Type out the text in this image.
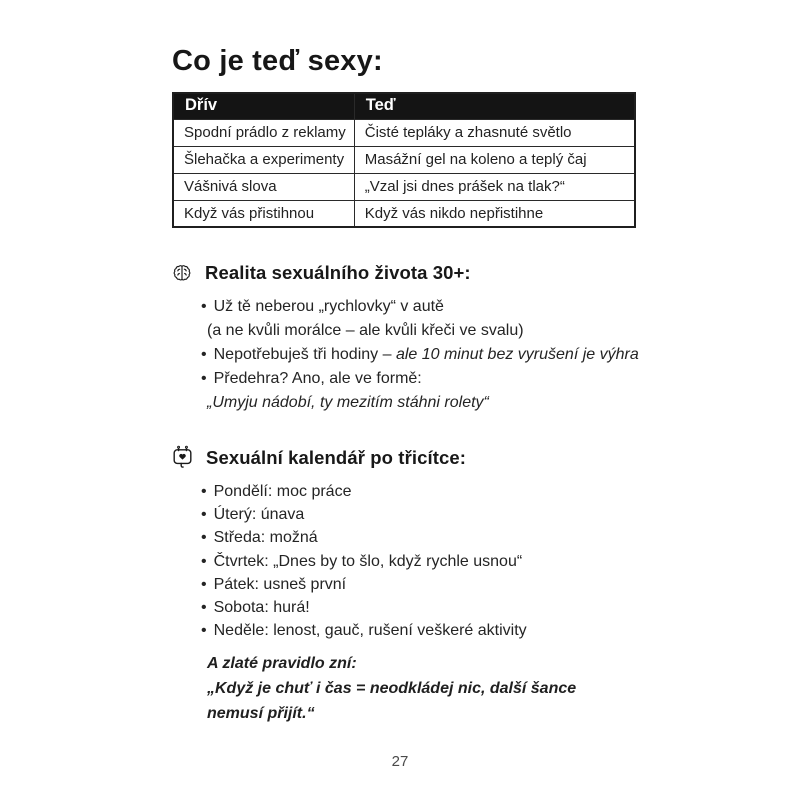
Co je teď sexy:
Dřív	Teď
Spodní prádlo z reklamy	Čisté tepláky a zhasnuté světlo
Šlehačka a experimenty	Masážní gel na koleno a teplý čaj
Vášnivá slova	„Vzal jsi dnes prášek na tlak?“
Když vás přistihnou	Když vás nikdo nepřistihne
Realita sexuálního života 30+:
• Už tě neberou „rychlovky“ v autě
(a ne kvůli morálce – ale kvůli křeči ve svalu)
• Nepotřebuješ tři hodiny – ale 10 minut bez vyrušení je výhra
• Předehra? Ano, ale ve formě:
„Umyju nádobí, ty mezitím stáhni rolety“
Sexuální kalendář po třicítce:
• Pondělí: moc práce
• Úterý: únava
• Středa: možná
• Čtvrtek: „Dnes by to šlo, když rychle usnou“
• Pátek: usneš první
• Sobota: hurá!
• Neděle: lenost, gauč, rušení veškeré aktivity
A zlaté pravidlo zní:
„Když je chuť i čas = neodkládej nic, další šance
nemusí přijít.“
27
